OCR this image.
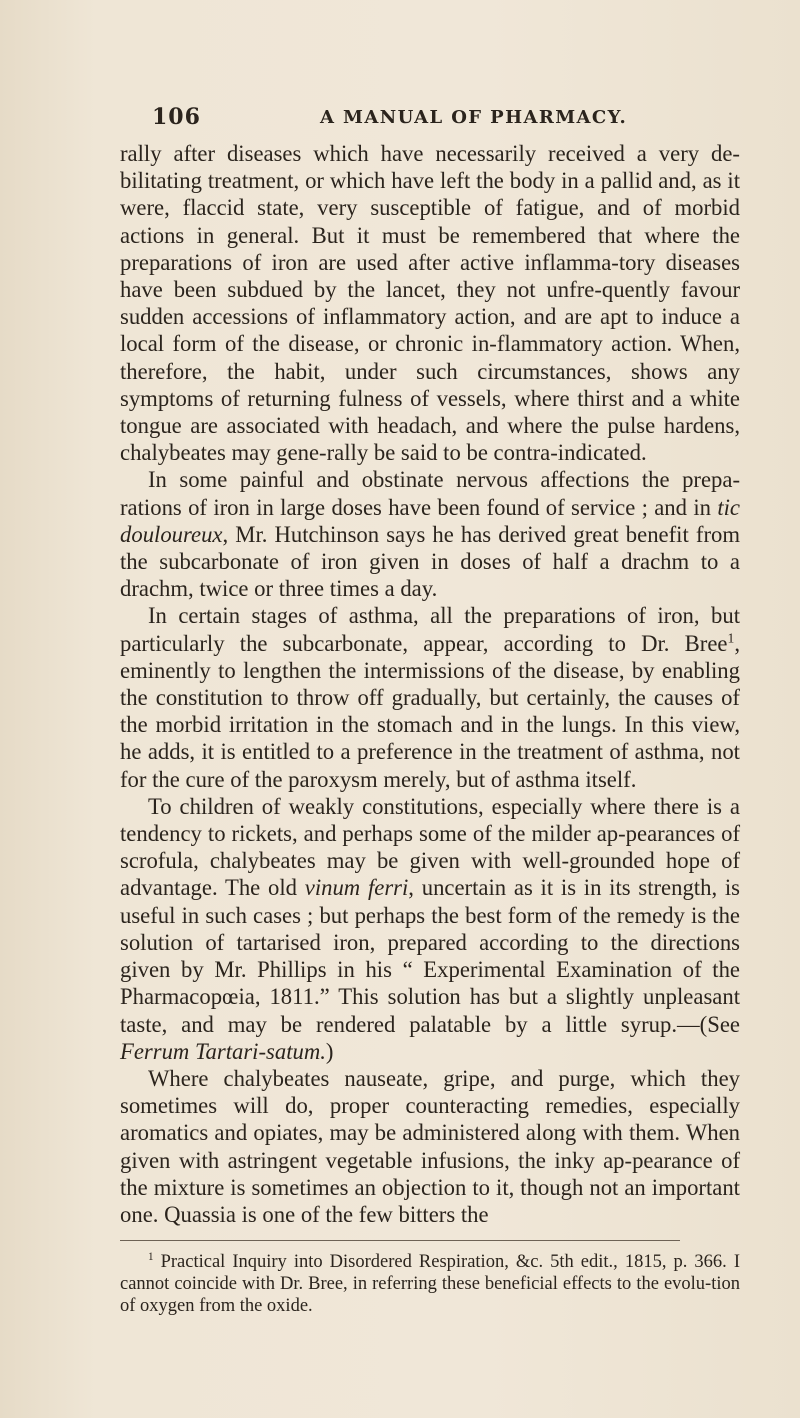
106	A MANUAL OF PHARMACY.

rally after diseases which have necessarily received a very de-bilitating treatment, or which have left the body in a pallid and, as it were, flaccid state, very susceptible of fatigue, and of morbid actions in general. But it must be remembered that where the preparations of iron are used after active inflamma-tory diseases have been subdued by the lancet, they not unfre-quently favour sudden accessions of inflammatory action, and are apt to induce a local form of the disease, or chronic in-flammatory action. When, therefore, the habit, under such circumstances, shows any symptoms of returning fulness of vessels, where thirst and a white tongue are associated with headach, and where the pulse hardens, chalybeates may gene-rally be said to be contra-indicated.

In some painful and obstinate nervous affections the prepa-rations of iron in large doses have been found of service ; and in tic douloureux, Mr. Hutchinson says he has derived great benefit from the subcarbonate of iron given in doses of half a drachm to a drachm, twice or three times a day.

In certain stages of asthma, all the preparations of iron, but particularly the subcarbonate, appear, according to Dr. Bree$^1$, eminently to lengthen the intermissions of the disease, by enabling the constitution to throw off gradually, but certainly, the causes of the morbid irritation in the stomach and in the lungs. In this view, he adds, it is entitled to a preference in the treatment of asthma, not for the cure of the paroxysm merely, but of asthma itself.

To children of weakly constitutions, especially where there is a tendency to rickets, and perhaps some of the milder ap-pearances of scrofula, chalybeates may be given with well-grounded hope of advantage. The old vinum ferri, uncertain as it is in its strength, is useful in such cases ; but perhaps the best form of the remedy is the solution of tartarised iron, prepared according to the directions given by Mr. Phillips in his “ Experimental Examination of the Pharmacopœia, 1811.” This solution has but a slightly unpleasant taste, and may be rendered palatable by a little syrup.—(See Ferrum Tartari-satum.)

Where chalybeates nauseate, gripe, and purge, which they sometimes will do, proper counteracting remedies, especially aromatics and opiates, may be administered along with them. When given with astringent vegetable infusions, the inky ap-pearance of the mixture is sometimes an objection to it, though not an important one. Quassia is one of the few bitters the

$^1$ Practical Inquiry into Disordered Respiration, &c. 5th edit., 1815, p. 366. I cannot coincide with Dr. Bree, in referring these beneficial effects to the evolu-tion of oxygen from the oxide.
